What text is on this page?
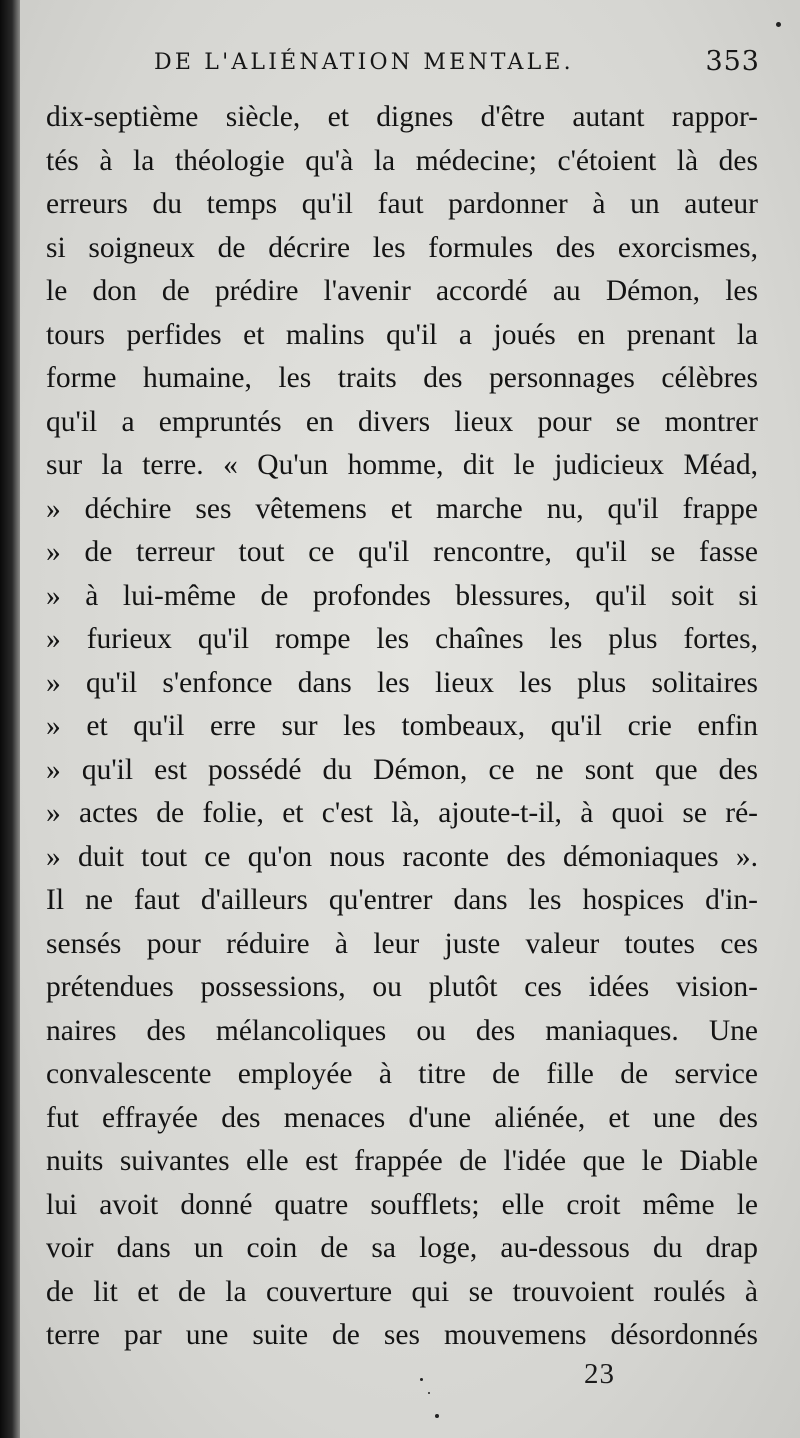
DE L'ALIÉNATION MENTALE.	353
dix-septième siècle, et dignes d'être autant rappor-
tés à la théologie qu'à la médecine; c'étoient là des
erreurs du temps qu'il faut pardonner à un auteur
si soigneux de décrire les formules des exorcismes,
le don de prédire l'avenir accordé au Démon, les
tours perfides et malins qu'il a joués en prenant la
forme humaine, les traits des personnages célèbres
qu'il a empruntés en divers lieux pour se montrer
sur la terre. « Qu'un homme, dit le judicieux Méad,
» déchire ses vêtemens et marche nu, qu'il frappe
» de terreur tout ce qu'il rencontre, qu'il se fasse
» à lui-même de profondes blessures, qu'il soit si
» furieux qu'il rompe les chaînes les plus fortes,
» qu'il s'enfonce dans les lieux les plus solitaires
» et qu'il erre sur les tombeaux, qu'il crie enfin
» qu'il est possédé du Démon, ce ne sont que des
» actes de folie, et c'est là, ajoute-t-il, à quoi se ré-
» duit tout ce qu'on nous raconte des démoniaques ».
Il ne faut d'ailleurs qu'entrer dans les hospices d'in-
sensés pour réduire à leur juste valeur toutes ces
prétendues possessions, ou plutôt ces idées vision-
naires des mélancoliques ou des maniaques. Une
convalescente employée à titre de fille de service
fut effrayée des menaces d'une aliénée, et une des
nuits suivantes elle est frappée de l'idée que le Diable
lui avoit donné quatre soufflets; elle croit même le
voir dans un coin de sa loge, au-dessous du drap
de lit et de la couverture qui se trouvoient roulés à
terre par une suite de ses mouvemens désordonnés
23
